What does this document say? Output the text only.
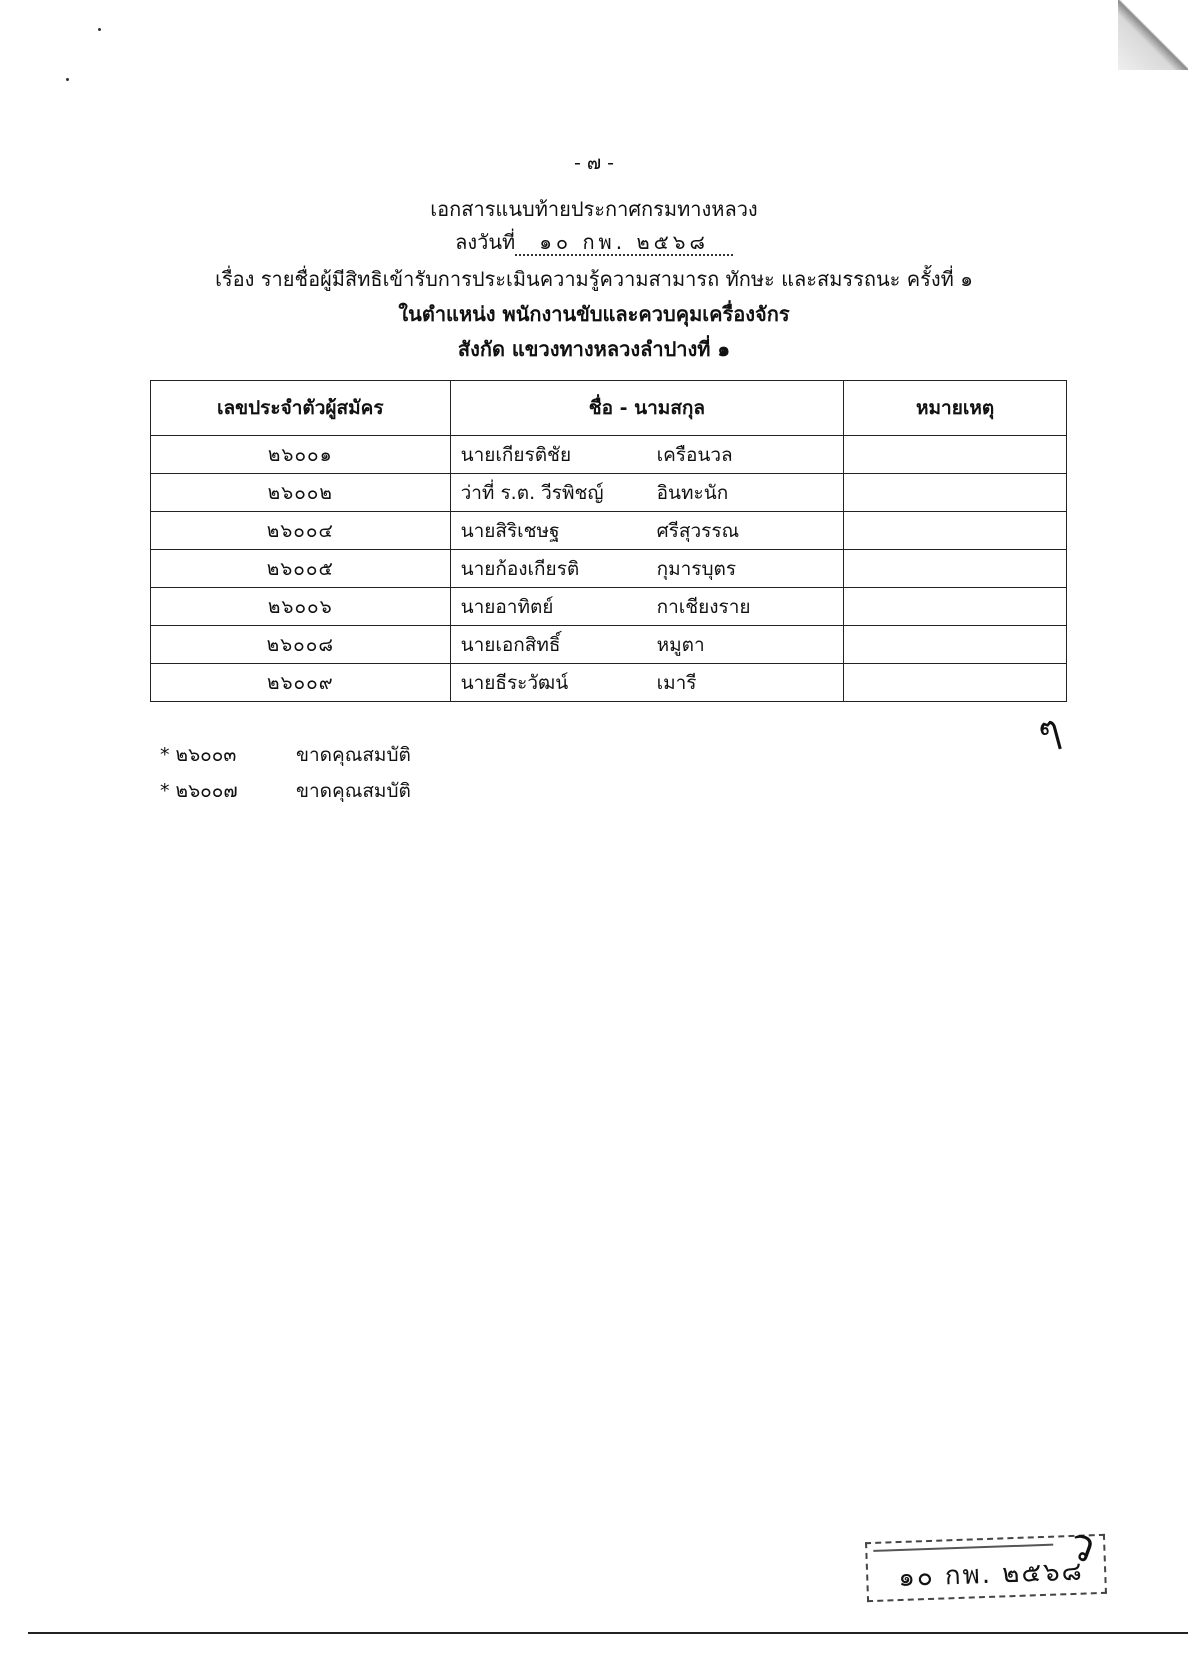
- ๗ -
เอกสารแนบท้ายประกาศกรมทางหลวง
ลงวันที่ ๑๐ กพ. ๒๕๖๘
เรื่อง รายชื่อผู้มีสิทธิเข้ารับการประเมินความรู้ความสามารถ ทักษะ และสมรรถนะ ครั้งที่ ๑
ในตำแหน่ง พนักงานขับและควบคุมเครื่องจักร
สังกัด แขวงทางหลวงลำปางที่ ๑
เลขประจำตัวผู้สมัคร	ชื่อ - นามสกุล	หมายเหตุ
๒๖๐๐๑	นายเกียรติชัย เครือนวล	
๒๖๐๐๒	ว่าที่ ร.ต. วีรพิชญ์ อินทะนัก	
๒๖๐๐๔	นายสิริเชษฐ ศรีสุวรรณ	
๒๖๐๐๕	นายก้องเกียรติ กุมารบุตร	
๒๖๐๐๖	นายอาทิตย์ กาเชียงราย	
๒๖๐๐๘	นายเอกสิทธิ์ หมูตา	
๒๖๐๐๙	นายธีระวัฒน์ เมารี	
ๆ
* ๒๖๐๐๓	ขาดคุณสมบัติ
* ๒๖๐๐๗	ขาดคุณสมบัติ
๑๐ กพ. ๒๕๖๘
ว
